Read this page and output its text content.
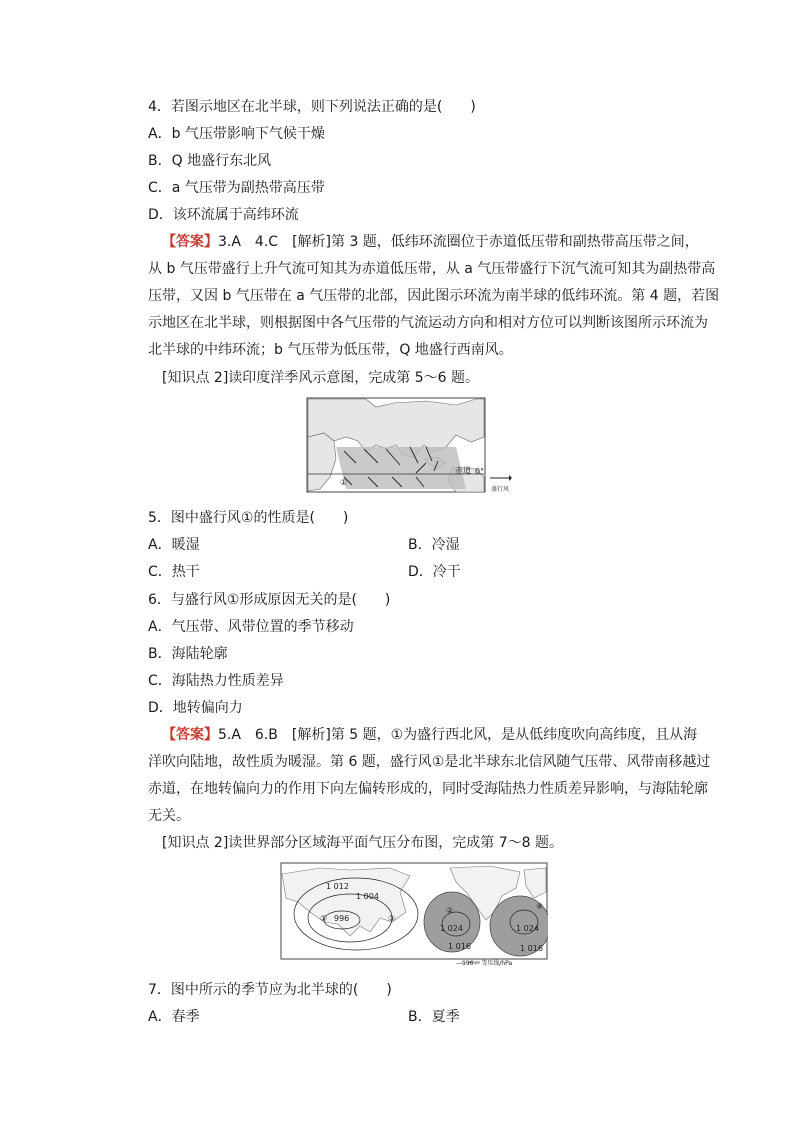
4．若图示地区在北半球，则下列说法正确的是(　　)
A．b 气压带影响下气候干燥
B．Q 地盛行东北风
C．a 气压带为副热带高压带
D．该环流属于高纬环流
【答案】3.A　4.C　[解析]第 3 题，低纬环流圈位于赤道低压带和副热带高压带之间，
从 b 气压带盛行上升气流可知其为赤道低压带，从 a 气压带盛行下沉气流可知其为副热带高
压带，又因 b 气压带在 a 气压带的北部，因此图示环流为南半球的低纬环流。第 4 题，若图
示地区在北半球，则根据图中各气压带的气流运动方向和相对方位可以判断该图所示环流为
北半球的中纬环流；b 气压带为低压带，Q 地盛行西南风。
[知识点 2]读印度洋季风示意图，完成第 5～6 题。
赤道 0°
①
盛行风
5．图中盛行风①的性质是(　　)
A．暖湿	B．冷湿
C．热干	D．冷干
6．与盛行风①形成原因无关的是(　　)
A．气压带、风带位置的季节移动
B．海陆轮廓
C．海陆热力性质差异
D．地转偏向力
【答案】5.A　6.B　[解析]第 5 题，①为盛行西北风，是从低纬度吹向高纬度，且从海
洋吹向陆地，故性质为暖湿。第 6 题，盛行风①是北半球东北信风随气压带、风带南移越过
赤道，在地转偏向力的作用下向左偏转形成的，同时受海陆热力性质差异影响，与海陆轮廓
无关。
[知识点 2]读世界部分区域海平面气压分布图，完成第 7～8 题。
1 012
1 004
996
1 024
1 016
1 024
1 016
①
②
③
④
—996— 等压线/hPa
7．图中所示的季节应为北半球的(　　)
A．春季	B．夏季
